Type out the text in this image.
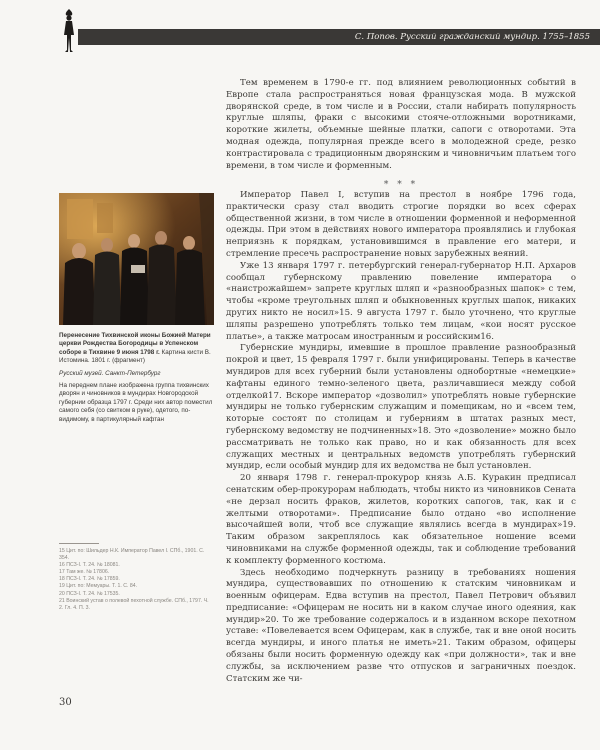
С. Попов. Русский гражданский мундир. 1755–1855

Тем временем в 1790-е гг. под влиянием революционных событий в Европе стала распространяться новая французская мода. В мужской дворянской среде, в том числе и в России, стали набирать популярность круглые шляпы, фраки с высокими стоячe-отложными воротниками, короткие жилеты, объемные шейные платки, сапоги с отворотами. Эта модная одежда, популярная прежде всего в молодежной среде, резко контрастировала с традиционным дворянским и чиновничьим платьем того времени, в том числе и форменным.

* * *

Император Павел I, вступив на престол в ноябре 1796 года, практически сразу стал вводить строгие порядки во всех сферах общественной жизни, в том числе в отношении форменной и неформенной одежды. При этом в действиях нового императора проявлялись и глубокая неприязнь к порядкам, установившимся в правление его матери, и стремление пресечь распространение новых зарубежных веяний.

Уже 13 января 1797 г. петербургский генерал-губернатор Н.П. Архаров сообщал губернскому правлению повеление императора о «наистрожайшем» запрете круглых шляп и «разнообразных шапок» с тем, чтобы «кроме треугольных шляп и обыкновенных круглых шапок, никаких других никто не носил»15. 9 августа 1797 г. было уточнено, что круглые шляпы разрешено употреблять только тем лицам, «кои носят русское платье», а также матросам иностранным и российским16.

Губернские мундиры, имевшие в прошлое правление разнообразный покрой и цвет, 15 февраля 1797 г. были унифицированы. Теперь в качестве мундиров для всех губерний были установлены однобортные «немецкие» кафтаны единого темно-зеленого цвета, различавшиеся между собой отделкой17. Вскоре император «дозволил» употреблять новые губернские мундиры не только губернским служащим и помещикам, но и «всем тем, которые состоят по столицам и губерниям в штатах разных мест, губернскому ведомству не подчиненных»18. Это «дозволение» можно было рассматривать не только как право, но и как обязанность для всех служащих местных и центральных ведомств употреблять губернский мундир, если особый мундир для их ведомства не был установлен.

20 января 1798 г. генерал-прокурор князь А.Б. Куракин предписал сенатским обер-прокурорам наблюдать, чтобы никто из чиновников Сената «не дерзал носить фраков, жилетов, коротких сапогов, так, как и с желтыми отворотами». Предписание было отдано «во исполнение высочайшей воли, чтоб все служащие являлись всегда в мундирах»19. Таким образом закреплялось как обязательное ношение всеми чиновниками на службе форменной одежды, так и соблюдение требований к комплекту форменного костюма.

Здесь необходимо подчеркнуть разницу в требованиях ношения мундира, существовавших по отношению к статским чиновникам и военным офицерам. Едва вступив на престол, Павел Петрович объявил предписание: «Офицерам не носить ни в каком случае иного одеяния, как мундир»20. То же требование содержалось и в изданном вскоре пехотном уставе: «Повелевается всем Офицерам, как в службе, так и вне оной носить всегда мундиры, и иного платья не иметь»21. Таким образом, офицеры обязаны были носить форменную одежду как «при должности», так и вне службы, за исключением разве что отпусков и заграничных поездок. Статским же чи-

Перенесение Тихвинской иконы Божией Матери церкви Рождества Богородицы в Успенском соборе в Тихвине 9 июня 1798 г. Картина кисти В. Истомина. 1801 г. (фрагмент)
Русский музей. Санкт-Петербург
На переднем плане изображена группа тихвинских дворян и чиновников в мундирах Новгородской губернии образца 1797 г. Среди них автор поместил самого себя (со свитком в руке), одетого, по-видимому, в партикулярный кафтан
15 Цит. по: Шильдер Н.К. Император Павел I. СПб., 1901. С. 354.
16 ПСЗ-I. Т. 24. № 18081.
17 Там же. № 17806.
18 ПСЗ-I. Т. 24. № 17859.
19 Цит. по: Мемуары. Т. 1. С. 84.
20 ПСЗ-I. Т. 24. № 17535.
21 Воинский устав о полевой пехотной службе. СПб., 1797. Ч. 2. Гл. 4. П. 3.
30
